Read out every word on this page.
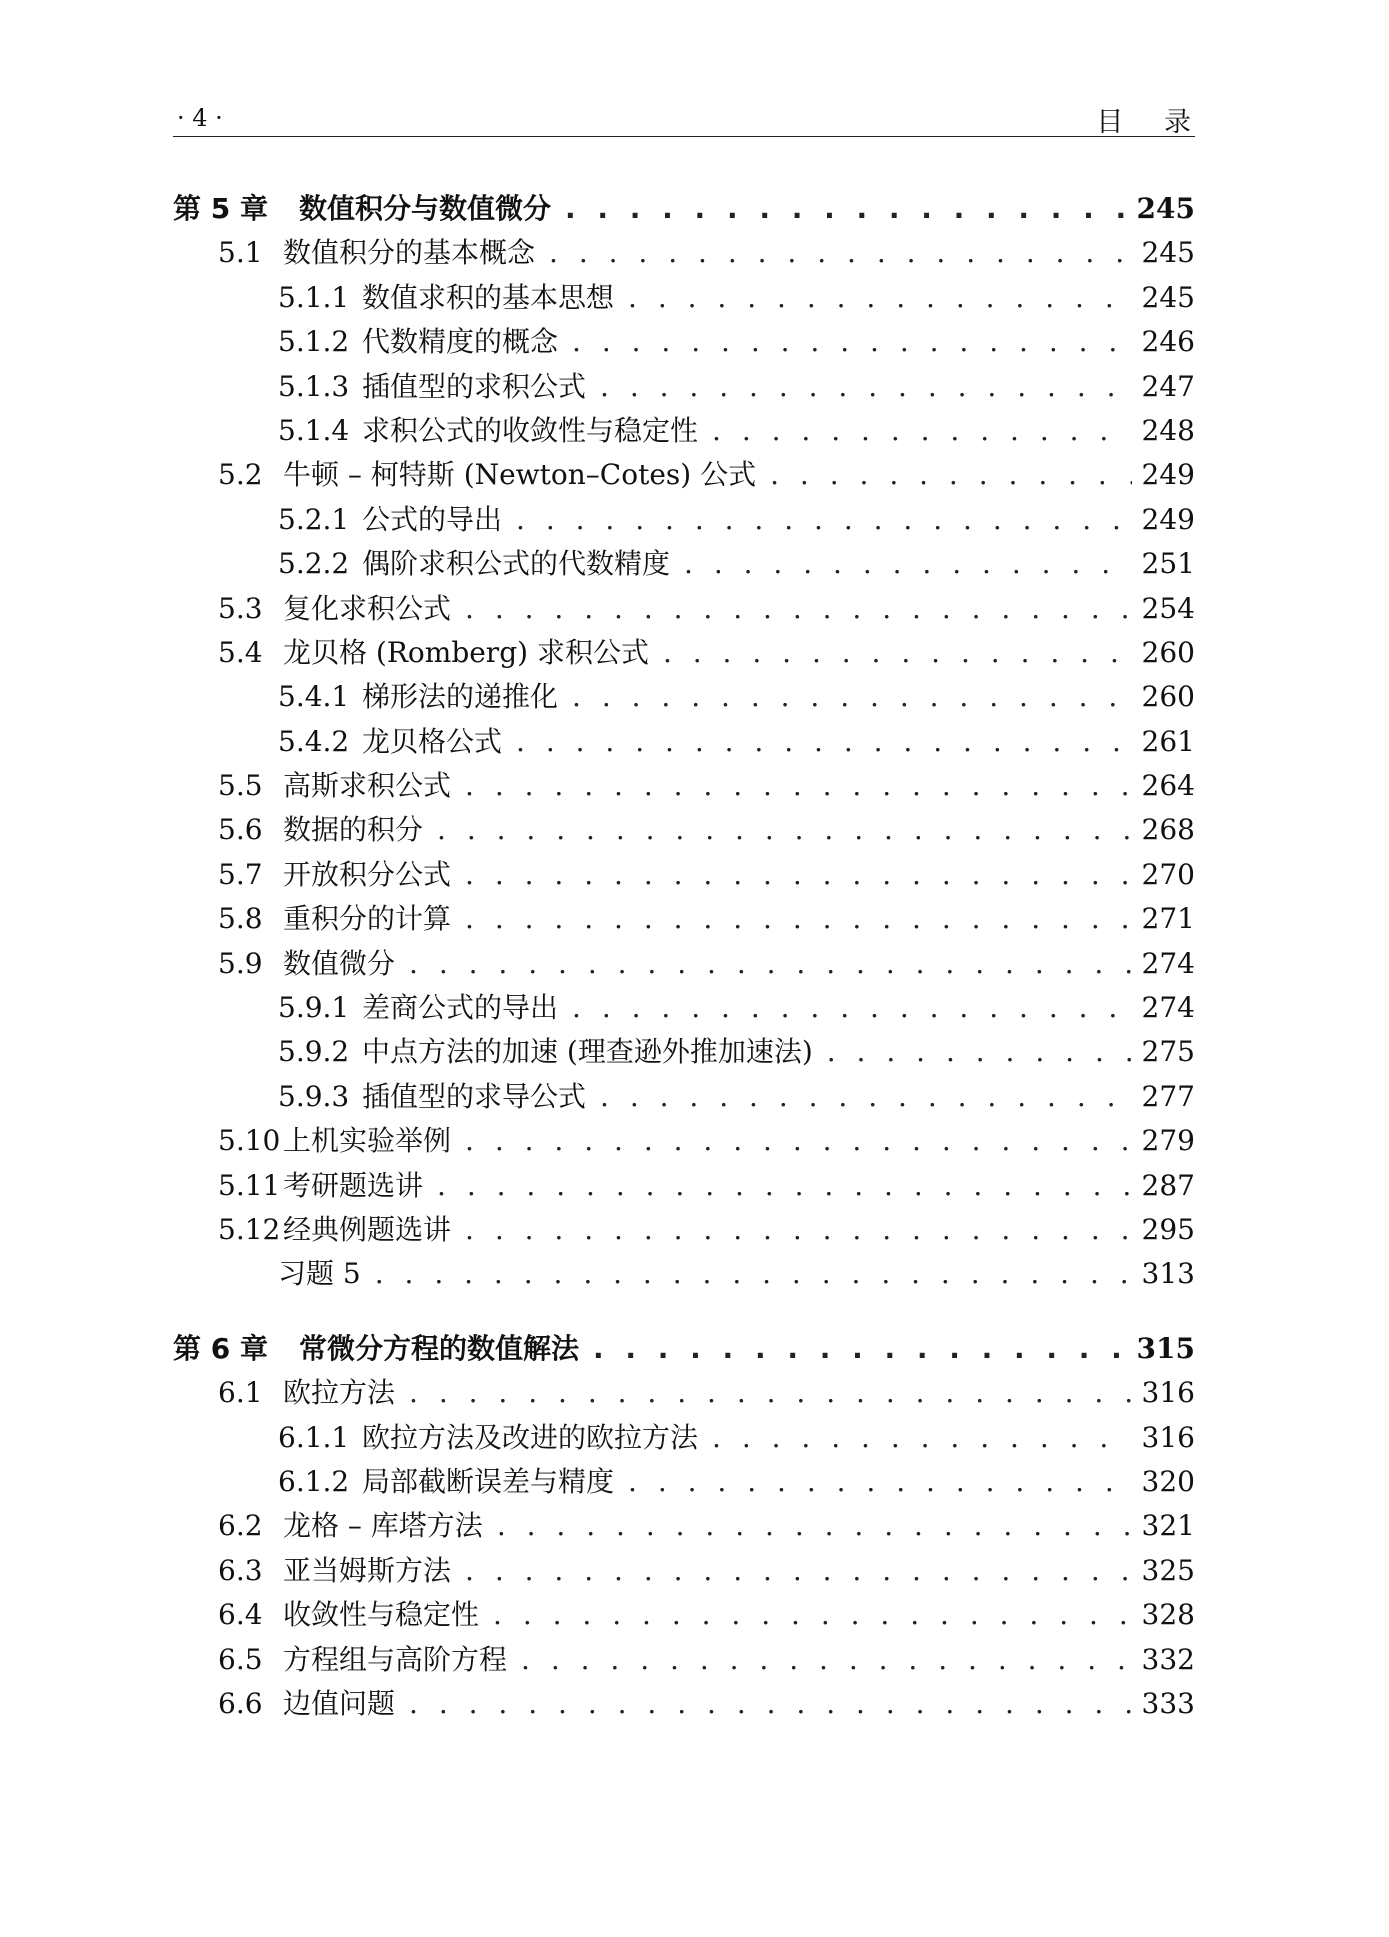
· 4 ·	目 录
第 5 章	数值积分与数值微分 . . .	245
5.1 数值积分的基本概念 . . .	245
5.1.1 数值求积的基本思想 . . .	245
5.1.2 代数精度的概念 . . .	246
5.1.3 插值型的求积公式 . . .	247
5.1.4 求积公式的收敛性与稳定性 . . .	248
5.2 牛顿 – 柯特斯 (Newton–Cotes) 公式 . . .	249
5.2.1 公式的导出 . . .	249
5.2.2 偶阶求积公式的代数精度 . . .	251
5.3 复化求积公式 . . .	254
5.4 龙贝格 (Romberg) 求积公式 . . .	260
5.4.1 梯形法的递推化 . . .	260
5.4.2 龙贝格公式 . . .	261
5.5 高斯求积公式 . . .	264
5.6 数据的积分 . . .	268
5.7 开放积分公式 . . .	270
5.8 重积分的计算 . . .	271
5.9 数值微分 . . .	274
5.9.1 差商公式的导出 . . .	274
5.9.2 中点方法的加速 (理查逊外推加速法) . . .	275
5.9.3 插值型的求导公式 . . .	277
5.10 上机实验举例 . . .	279
5.11 考研题选讲 . . .	287
5.12 经典例题选讲 . . .	295
习题 5 . . .	313
第 6 章	常微分方程的数值解法 . . .	315
6.1 欧拉方法 . . .	316
6.1.1 欧拉方法及改进的欧拉方法 . . .	316
6.1.2 局部截断误差与精度 . . .	320
6.2 龙格 – 库塔方法 . . .	321
6.3 亚当姆斯方法 . . .	325
6.4 收敛性与稳定性 . . .	328
6.5 方程组与高阶方程 . . .	332
6.6 边值问题 . . .	333
